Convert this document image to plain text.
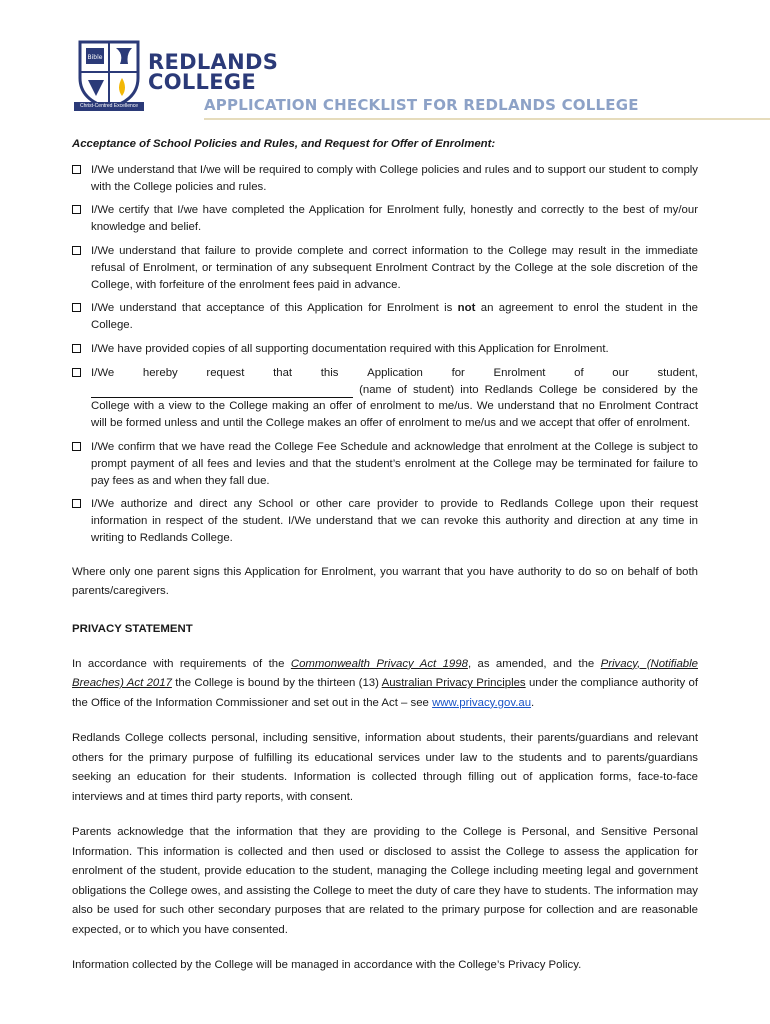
Bible
Christ-Centred Excellence
REDLANDS
COLLEGE
APPLICATION CHECKLIST FOR REDLANDS COLLEGE
Acceptance of School Policies and Rules, and Request for Offer of Enrolment:
I/We understand that I/we will be required to comply with College policies and rules and to support our student to comply with the College policies and rules.
I/We certify that I/we have completed the Application for Enrolment fully, honestly and correctly to the best of my/our knowledge and belief.
I/We understand that failure to provide complete and correct information to the College may result in the immediate refusal of Enrolment, or termination of any subsequent Enrolment Contract by the College at the sole discretion of the College, with forfeiture of the enrolment fees paid in advance.
I/We understand that acceptance of this Application for Enrolment is not an agreement to enrol the student in the College.
I/We have provided copies of all supporting documentation required with this Application for Enrolment.
I/We	hereby	request	that	this	Application	for	Enrolment	of	our	student,
(name of student) into Redlands College be considered by the College with a view to the College making an offer of enrolment to me/us. We understand that no Enrolment Contract will be formed unless and until the College makes an offer of enrolment to me/us and we accept that offer of enrolment.
I/We confirm that we have read the College Fee Schedule and acknowledge that enrolment at the College is subject to prompt payment of all fees and levies and that the student’s enrolment at the College may be terminated for failure to pay fees as and when they fall due.
I/We authorize and direct any School or other care provider to provide to Redlands College upon their request information in respect of the student. I/We understand that we can revoke this authority and direction at any time in writing to Redlands College.

Where only one parent signs this Application for Enrolment, you warrant that you have authority to do so on behalf of both parents/caregivers.

PRIVACY STATEMENT

In accordance with requirements of the Commonwealth Privacy Act 1998, as amended, and the Privacy, (Notifiable Breaches) Act 2017 the College is bound by the thirteen (13) Australian Privacy Principles under the compliance authority of the Office of the Information Commissioner and set out in the Act – see www.privacy.gov.au.

Redlands College collects personal, including sensitive, information about students, their parents/guardians and relevant others for the primary purpose of fulfilling its educational services under law to the students and to parents/guardians seeking an education for their students. Information is collected through filling out of application forms, face-to-face interviews and at times third party reports, with consent.

Parents acknowledge that the information that they are providing to the College is Personal, and Sensitive Personal Information. This information is collected and then used or disclosed to assist the College to assess the application for enrolment of the student, provide education to the student, managing the College including meeting legal and government obligations the College owes, and assisting the College to meet the duty of care they have to students. The information may also be used for such other secondary purposes that are related to the primary purpose for collection and are reasonable expected, or to which you have consented.

Information collected by the College will be managed in accordance with the College’s Privacy Policy.
